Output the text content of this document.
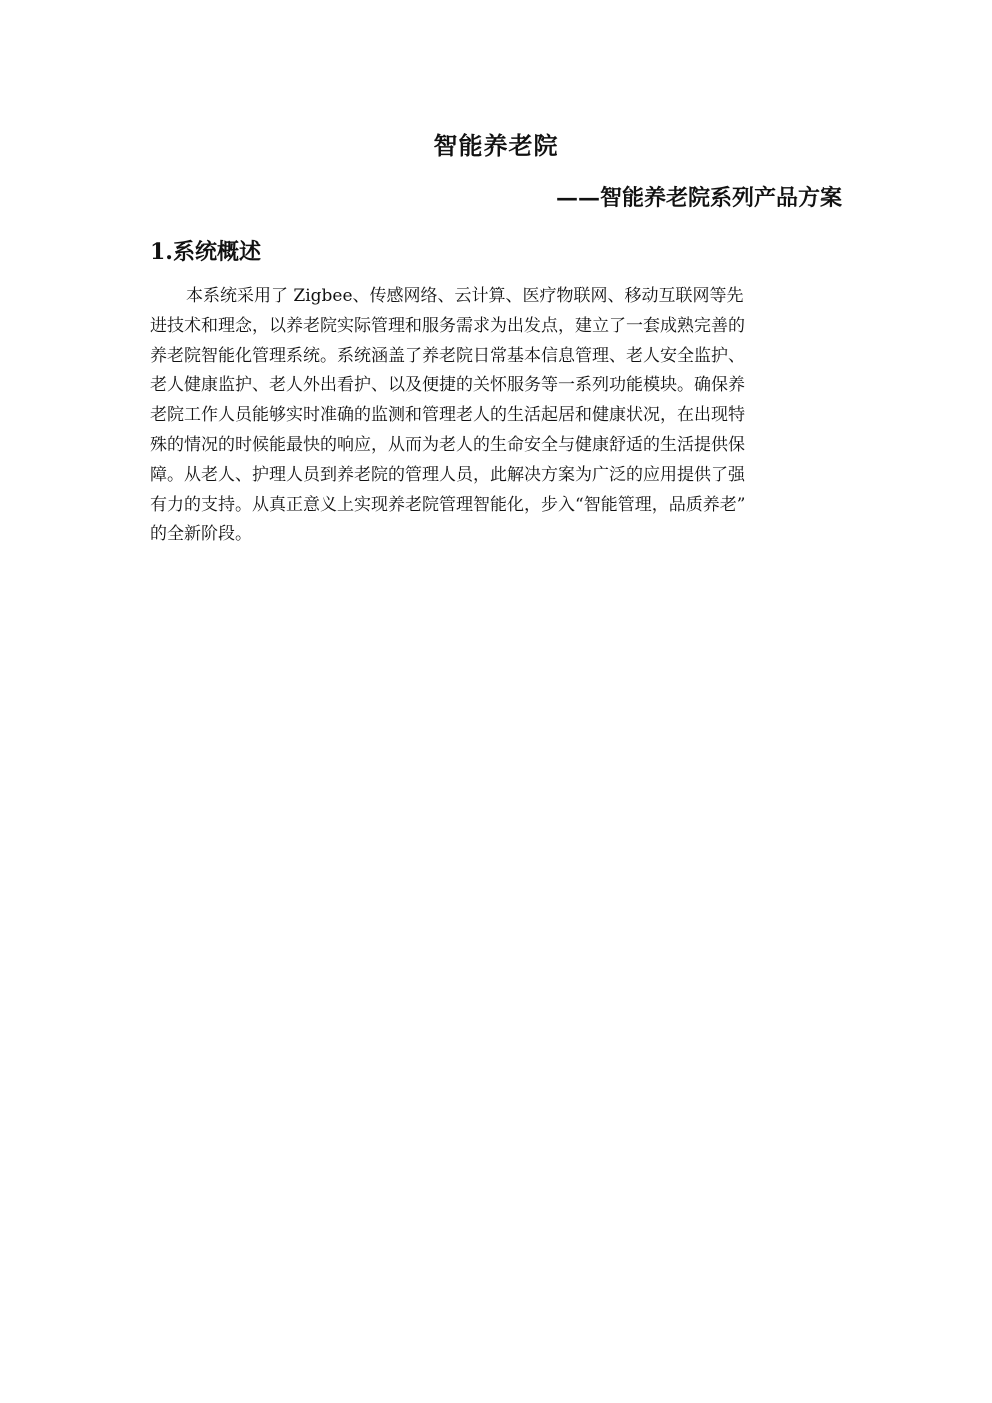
智能养老院
——智能养老院系列产品方案
1.系统概述
本系统采用了 Zigbee、传感网络、云计算、医疗物联网、移动互联网等先
进技术和理念，以养老院实际管理和服务需求为出发点，建立了一套成熟完善的
养老院智能化管理系统。系统涵盖了养老院日常基本信息管理、老人安全监护、
老人健康监护、老人外出看护、以及便捷的关怀服务等一系列功能模块。确保养
老院工作人员能够实时准确的监测和管理老人的生活起居和健康状况，在出现特
殊的情况的时候能最快的响应，从而为老人的生命安全与健康舒适的生活提供保
障。从老人、护理人员到养老院的管理人员，此解决方案为广泛的应用提供了强
有力的支持。从真正意义上实现养老院管理智能化，步入“智能管理，品质养老”
的全新阶段。
